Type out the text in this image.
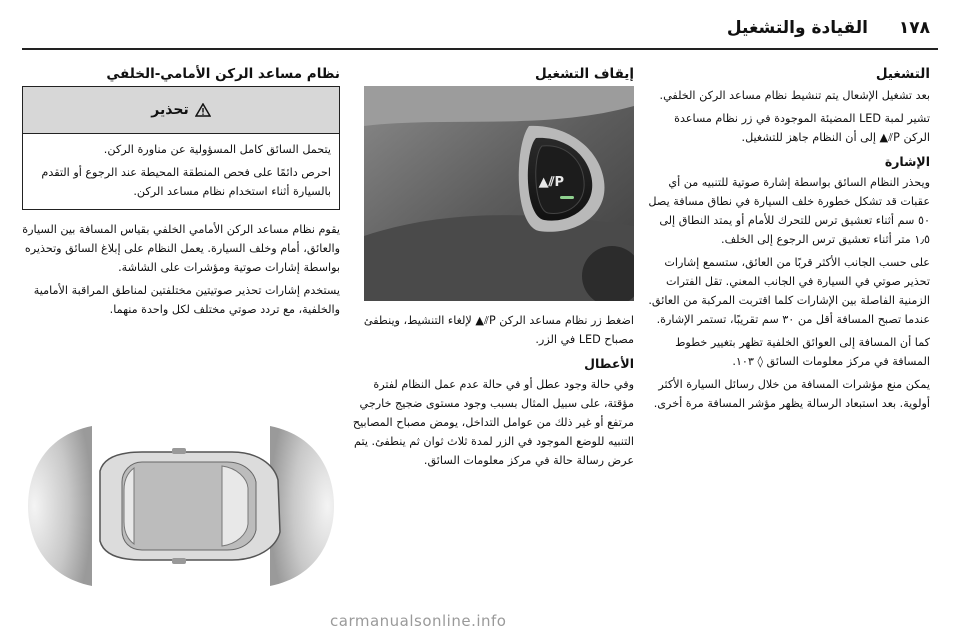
القيادة والتشغيل ١٧٨
التشغيل
بعد تشغيل الإشعال يتم تنشيط نظام مساعد الركن الخلفي.
تشير لمبة LED المضيئة الموجودة في زر نظام مساعدة الركن P⫽▲ إلى أن النظام جاهز للتشغيل.
الإشارة
ويحذر النظام السائق بواسطة إشارة صوتية للتنبيه من أي عقبات قد تشكل خطورة خلف السيارة في نطاق مسافة يصل ٥٠ سم أثناء تعشيق ترس للتحرك للأمام أو يمتد النطاق إلى ١٫٥ متر أثناء تعشيق ترس الرجوع إلى الخلف.
على حسب الجانب الأكثر قربًا من العائق، ستسمع إشارات تحذير صوتي في السيارة في الجانب المعني. تقل الفترات الزمنية الفاصلة بين الإشارات كلما اقتربت المركبة من العائق. عندما تصبح المسافة أقل من ٣٠ سم تقريبًا، تستمر الإشارة.
كما أن المسافة إلى العوائق الخلفية تظهر بتغيير خطوط المسافة في مركز معلومات السائق ◊ ١٠٣.
يمكن منع مؤشرات المسافة من خلال رسائل السيارة الأكثر أولوية. بعد استبعاد الرسالة يظهر مؤشر المسافة مرة أخرى.
إيقاف التشغيل
P⫽▲
اضغط زر نظام مساعد الركن P⫽▲ لإلغاء التنشيط، وينطفئ مصباح LED في الزر.
الأعطال
وفي حالة وجود عطل أو في حالة عدم عمل النظام لفترة مؤقتة، على سبيل المثال بسبب وجود مستوى ضجيج خارجي مرتفع أو غير ذلك من عوامل التداخل، يومض مصباح المصابيح التنبيه للوضع الموجود في الزر لمدة ثلاث ثوان ثم ينطفئ. يتم عرض رسالة حالة في مركز معلومات السائق.
نظام مساعد الركن الأمامي-الخلفي
تحذير
يتحمل السائق كامل المسؤولية عن مناورة الركن.
احرص دائمًا على فحص المنطقة المحيطة عند الرجوع أو التقدم بالسيارة أثناء استخدام نظام مساعد الركن.
يقوم نظام مساعد الركن الأمامي الخلفي بقياس المسافة بين السيارة والعائق، أمام وخلف السيارة. يعمل النظام على إبلاغ السائق وتحذيره بواسطة إشارات صوتية ومؤشرات على الشاشة.
يستخدم إشارات تحذير صوتيتين مختلفتين لمناطق المراقبة الأمامية والخلفية، مع تردد صوتي مختلف لكل واحدة منهما.
carmanualsonline.info
